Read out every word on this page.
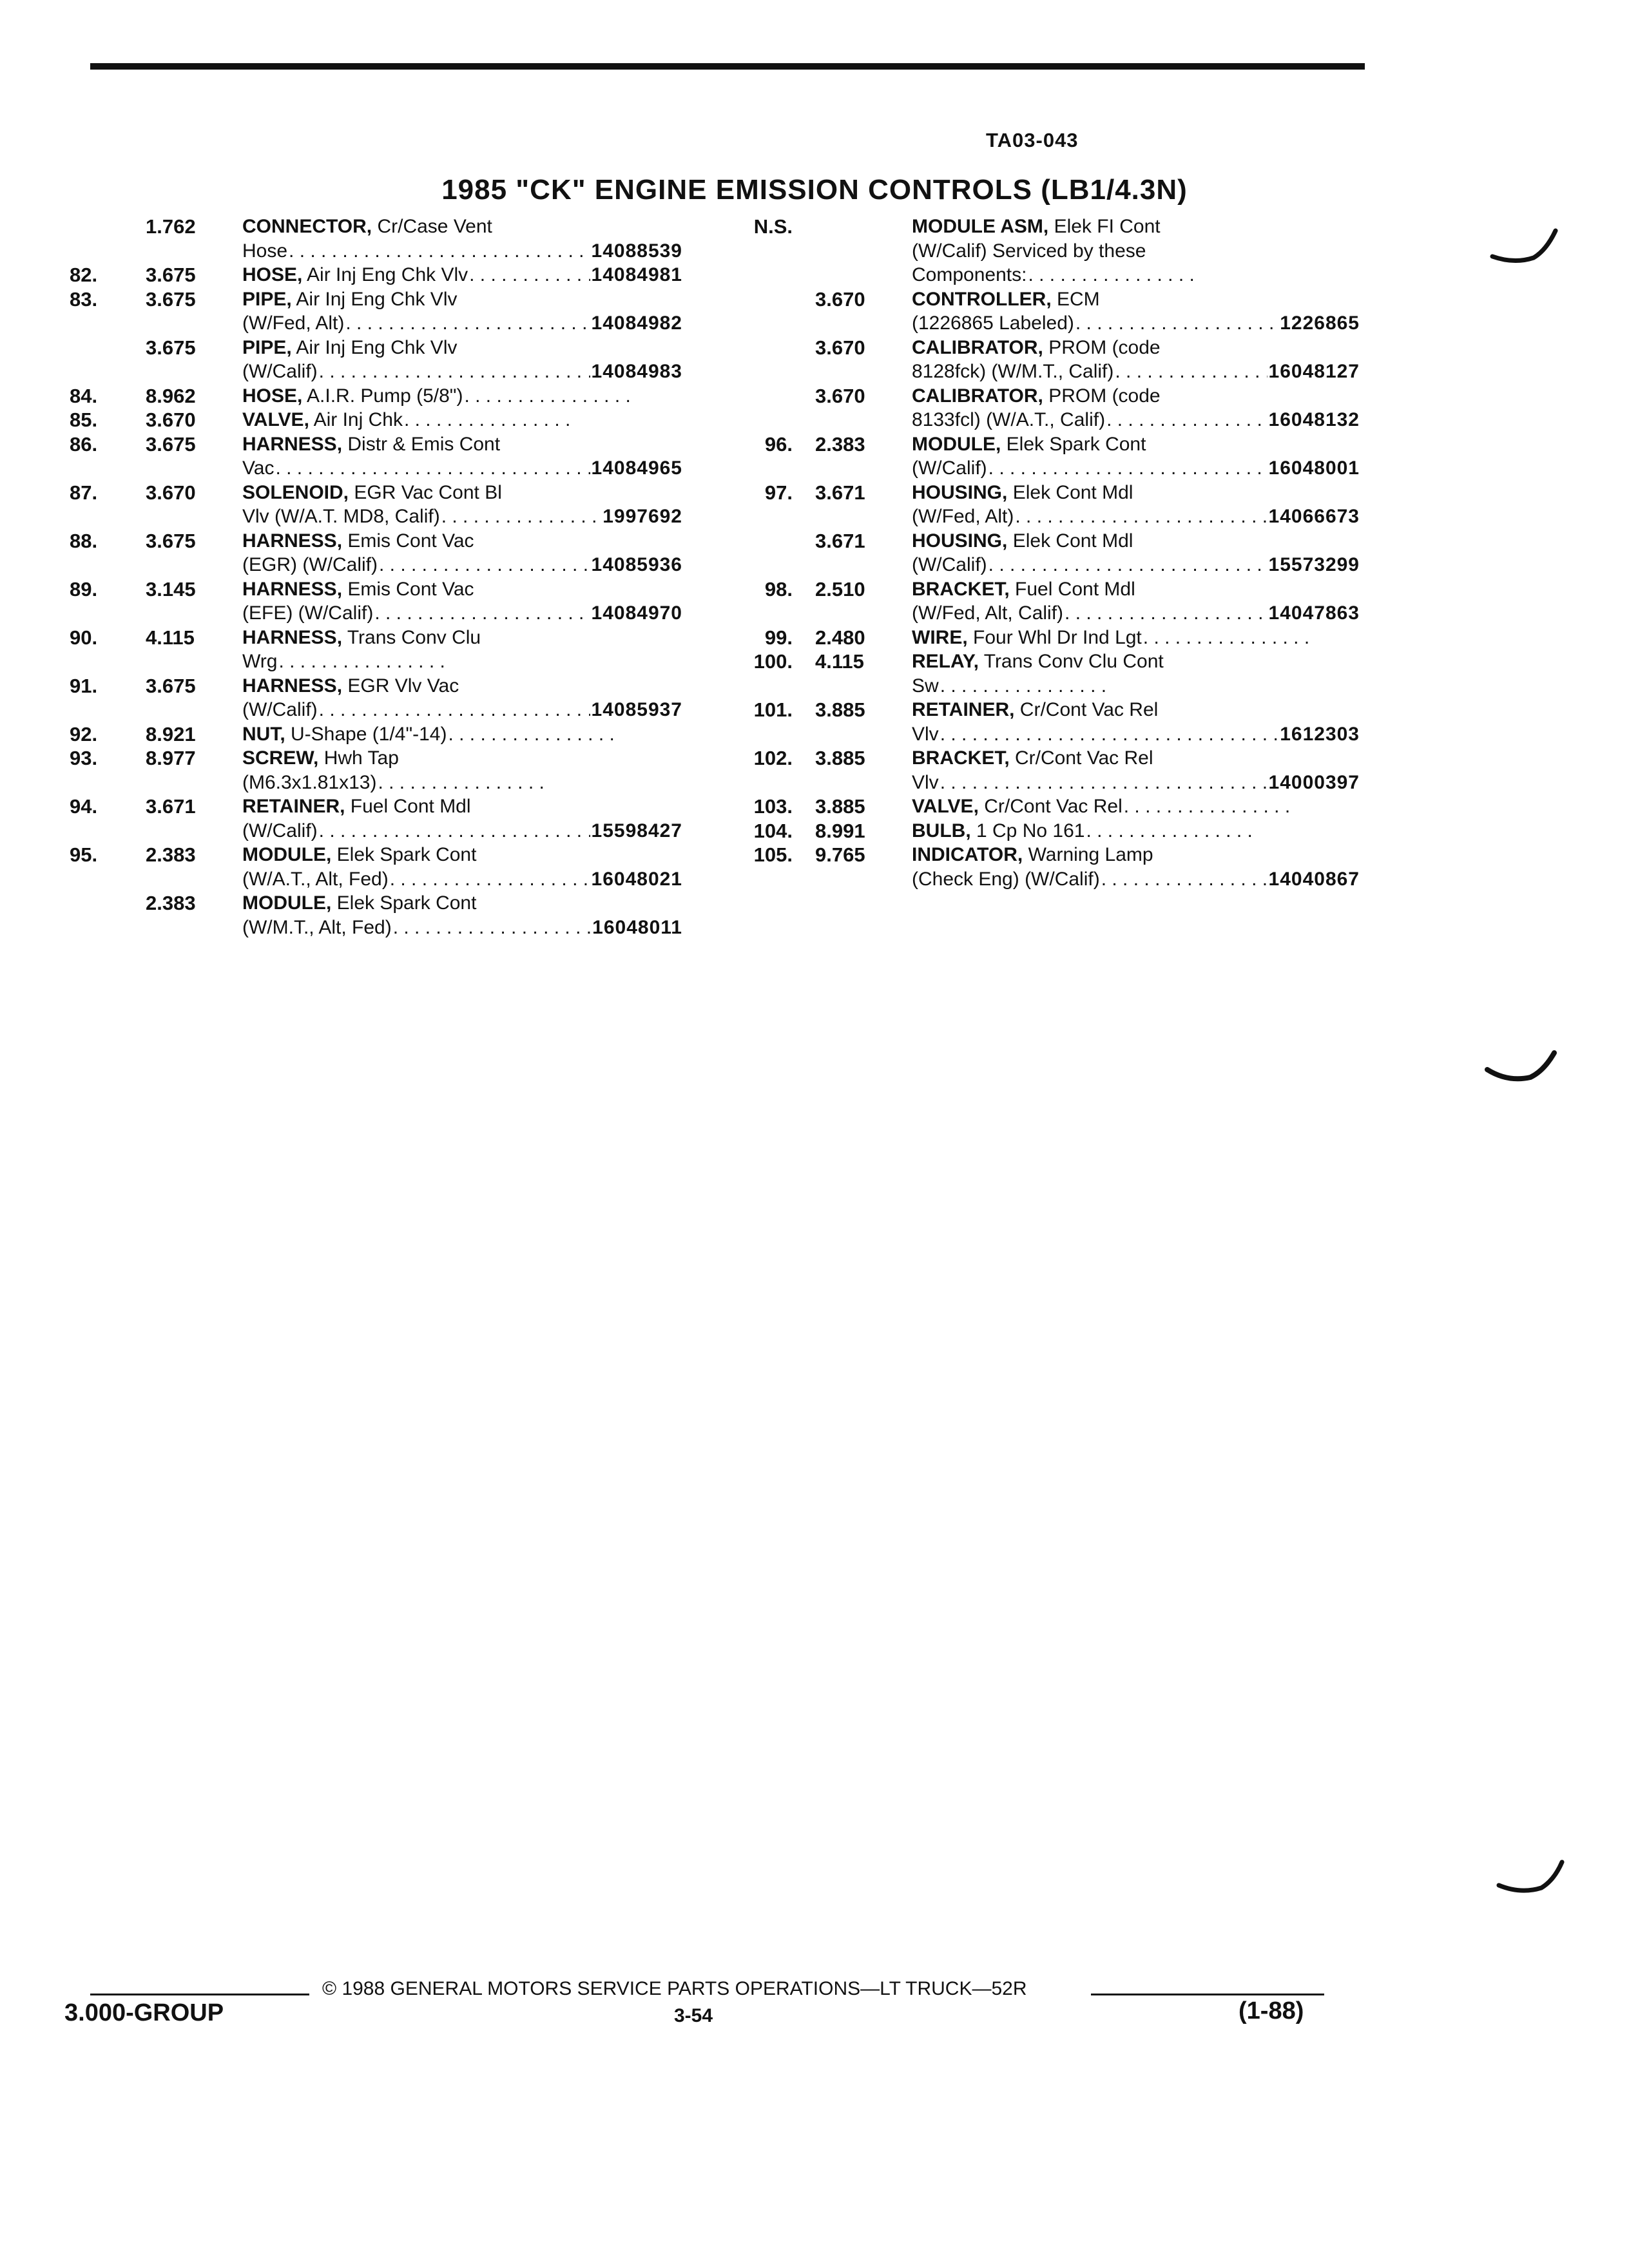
TA03-043
1985 "CK" ENGINE EMISSION CONTROLS (LB1/4.3N)
1.762 CONNECTOR, Cr/Case Vent
Hose . . .	14088539
82.	3.675 HOSE, Air Inj Eng Chk Vlv . . .	14084981
83.	3.675 PIPE, Air Inj Eng Chk Vlv
(W/Fed, Alt) . . .	14084982
3.675 PIPE, Air Inj Eng Chk Vlv
(W/Calif) . . .	14084983
84.	8.962 HOSE, A.I.R. Pump (5/8")
. . .
85.	3.670 VALVE, Air Inj Chk
. . .
86.	3.675 HARNESS, Distr & Emis Cont
Vac . . .	14084965
87.	3.670 SOLENOID, EGR Vac Cont Bl
Vlv (W/A.T. MD8, Calif) . . .	1997692
88.	3.675 HARNESS, Emis Cont Vac
(EGR) (W/Calif) . . .	14085936
89.	3.145 HARNESS, Emis Cont Vac
(EFE) (W/Calif) . . .	14084970
90.	4.115 HARNESS, Trans Conv Clu
Wrg
. . .
91.	3.675 HARNESS, EGR Vlv Vac
(W/Calif) . . .	14085937
92.	8.921 NUT, U-Shape (1/4"-14)
. . .
93.	8.977 SCREW, Hwh Tap
(M6.3x1.81x13)
. . .
94.	3.671 RETAINER, Fuel Cont Mdl
(W/Calif) . . .	15598427
95.	2.383 MODULE, Elek Spark Cont
(W/A.T., Alt, Fed) . . .	16048021
2.383 MODULE, Elek Spark Cont
(W/M.T., Alt, Fed) . . .	16048011
N.S.	MODULE ASM, Elek FI Cont
(W/Calif) Serviced by these
Components:
. . .
3.670 CONTROLLER, ECM
(1226865 Labeled) . . .	1226865
3.670 CALIBRATOR, PROM (code
8128fck) (W/M.T., Calif) . . .	16048127
3.670 CALIBRATOR, PROM (code
8133fcl) (W/A.T., Calif) . . .	16048132
96. 2.383 MODULE, Elek Spark Cont
(W/Calif) . . .	16048001
97. 3.671 HOUSING, Elek Cont Mdl
(W/Fed, Alt) . . .	14066673
3.671 HOUSING, Elek Cont Mdl
(W/Calif) . . .	15573299
98. 2.510 BRACKET, Fuel Cont Mdl
(W/Fed, Alt, Calif) . . .	14047863
99. 2.480 WIRE, Four Whl Dr Ind Lgt
. . .
100. 4.115 RELAY, Trans Conv Clu Cont
Sw
. . .
101. 3.885 RETAINER, Cr/Cont Vac Rel
Vlv . . .	1612303
102. 3.885 BRACKET, Cr/Cont Vac Rel
Vlv . . .	14000397
103. 3.885 VALVE, Cr/Cont Vac Rel
. . .
104. 8.991 BULB, 1 Cp No 161
. . .
105. 9.765 INDICATOR, Warning Lamp
(Check Eng) (W/Calif) . . .	14040867
© 1988 GENERAL MOTORS SERVICE PARTS OPERATIONS—LT TRUCK—52R
3.000-GROUP	3-54	(1-88)
